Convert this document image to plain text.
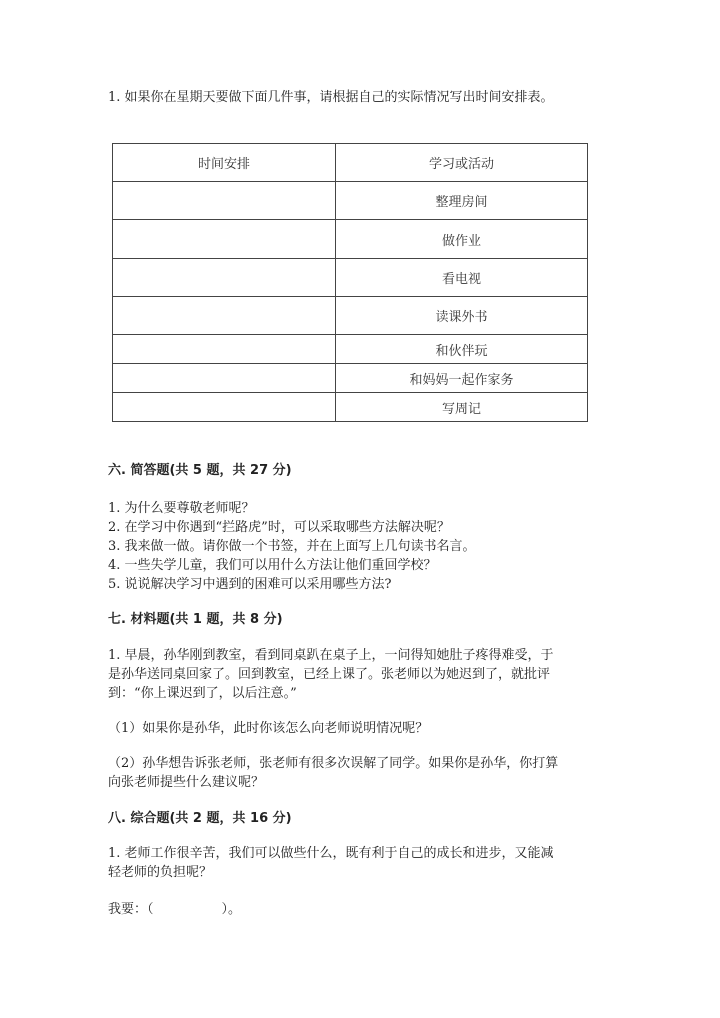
1. 如果你在星期天要做下面几件事，请根据自己的实际情况写出时间安排表。
时间安排	学习或活动
	整理房间
	做作业
	看电视
	读课外书
	和伙伴玩
	和妈妈一起作家务
	写周记
六. 简答题(共 5 题，共 27 分)
1. 为什么要尊敬老师呢？
2. 在学习中你遇到“拦路虎”时，可以采取哪些方法解决呢？
3. 我来做一做。请你做一个书签，并在上面写上几句读书名言。
4. 一些失学儿童，我们可以用什么方法让他们重回学校？
5. 说说解决学习中遇到的困难可以采用哪些方法?
七. 材料题(共 1 题，共 8 分)
1. 早晨，孙华刚到教室，看到同桌趴在桌子上，一问得知她肚子疼得难受，于
是孙华送同桌回家了。回到教室，已经上课了。张老师以为她迟到了，就批评
到：“你上课迟到了，以后注意。”
（1）如果你是孙华，此时你该怎么向老师说明情况呢？
（2）孙华想告诉张老师，张老师有很多次误解了同学。如果你是孙华，你打算
向张老师提些什么建议呢？
八. 综合题(共 2 题，共 16 分)
1. 老师工作很辛苦，我们可以做些什么，既有利于自己的成长和进步，又能减
轻老师的负担呢？
我要：（	）。
